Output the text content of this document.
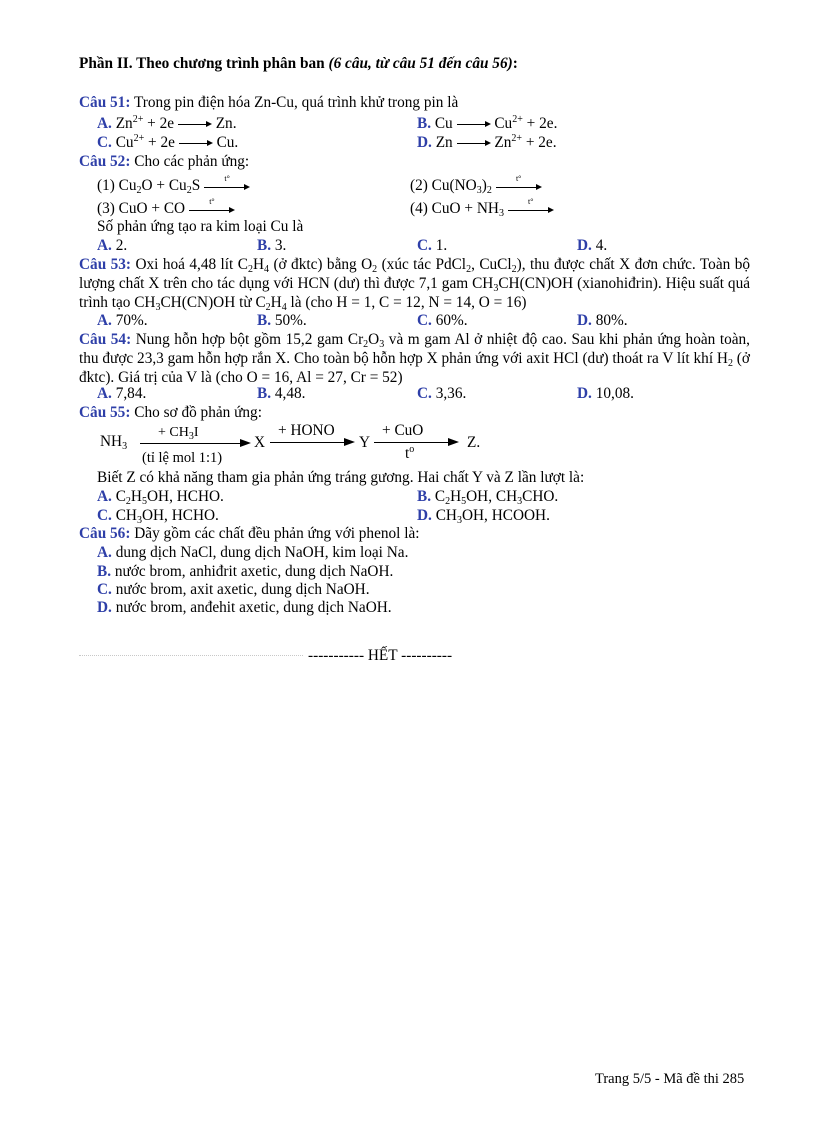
Phần II. Theo chương trình phân ban (6 câu, từ câu 51 đến câu 56):
Câu 51: Trong pin điện hóa Zn-Cu, quá trình khử trong pin là
A. $Zn^{2+} + 2e$  Zn.	B. Cu  $Cu^{2+} + 2e$.
C. $Cu^{2+} + 2e$  Cu.	D. Zn  $Zn^{2+} + 2e$.
Câu 52: Cho các phản ứng:
(1) $Cu_2O + Cu_2S$	t°	(2) $Cu(NO_3)_2$
t°
(3) CuO + CO	t°	(4) CuO + $NH_3$
t°
Số phản ứng tạo ra kim loại Cu là
A. 2.	B. 3.	C. 1.	D. 4.
Câu 53: Oxi hoá 4,48 lít $C_2H_4$ (ở đktc) bằng $O_2$ (xúc tác PdCl$_2$, CuCl$_2$), thu được chất X đơn chức. Toàn bộ lượng chất X trên cho tác dụng với HCN (dư) thì được 7,1 gam $CH_3CH(CN)OH$ (xianohiđrin). Hiệu suất quá trình tạo $CH_3CH(CN)OH$ từ $C_2H_4$ là (cho H = 1, C = 12, N = 14, O = 16)
A. 70%.	B. 50%.	C. 60%.	D. 80%.
Câu 54: Nung hỗn hợp bột gồm 15,2 gam $Cr_2O_3$ và m gam Al ở nhiệt độ cao. Sau khi phản ứng hoàn toàn, thu được 23,3 gam hỗn hợp rắn X. Cho toàn bộ hỗn hợp X phản ứng với axit HCl (dư) thoát ra V lít khí $H_2$ (ở đktc). Giá trị của V là (cho O = 16, Al = 27, Cr = 52)
A. 7,84.	B. 4,48.	C. 3,36.	D. 10,08.
Câu 55: Cho sơ đồ phản ứng:
$NH_3$
+ $CH_3I$
(tỉ lệ mol 1:1)
X
+ HONO
Y
+ CuO
$t^o$	Z.
Biết Z có khả năng tham gia phản ứng tráng gương. Hai chất Y và Z lần lượt là:
A. $C_2H_5OH$, HCHO.	B. $C_2H_5OH$, $CH_3CHO$.
C. $CH_3OH$, HCHO.	D. $CH_3OH$, HCOOH.
Câu 56: Dãy gồm các chất đều phản ứng với phenol là:
A. dung dịch NaCl, dung dịch NaOH, kim loại Na.
B. nước brom, anhiđrit axetic, dung dịch NaOH.
C. nước brom, axit axetic, dung dịch NaOH.
D. nước brom, anđehit axetic, dung dịch NaOH.
----------- HẾT ----------
Trang 5/5 - Mã đề thi 285
